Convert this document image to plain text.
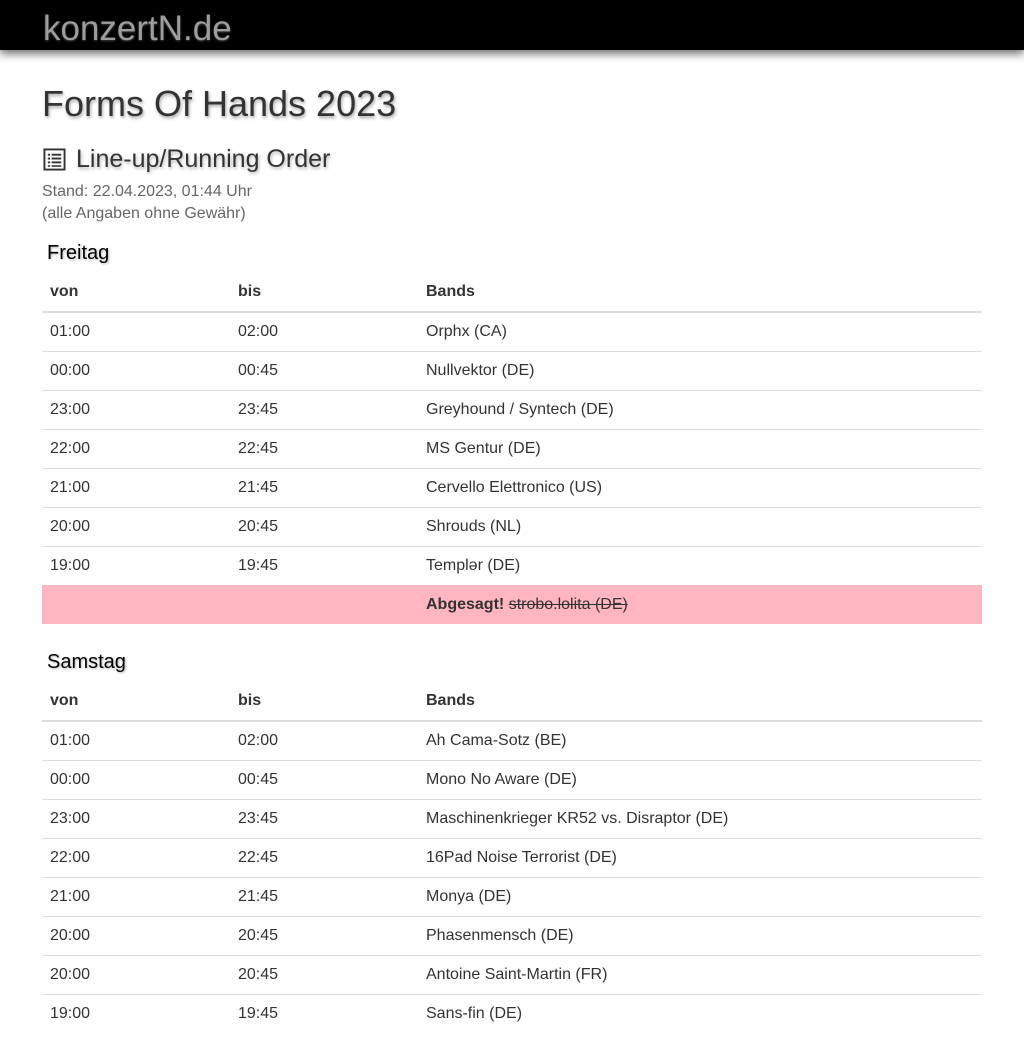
konzertN.de
Forms Of Hands 2023
Line-up/Running Order
Stand: 22.04.2023, 01:44 Uhr
(alle Angaben ohne Gewähr)
Freitag
von	bis	Bands
01:00	02:00	Orphx (CA)
00:00	00:45	Nullvektor (DE)
23:00	23:45	Greyhound / Syntech (DE)
22:00	22:45	MS Gentur (DE)
21:00	21:45	Cervello Elettronico (US)
20:00	20:45	Shrouds (NL)
19:00	19:45	Templər (DE)
		Abgesagt! strobo.lolita (DE)
Samstag
von	bis	Bands
01:00	02:00	Ah Cama-Sotz (BE)
00:00	00:45	Mono No Aware (DE)
23:00	23:45	Maschinenkrieger KR52 vs. Disraptor (DE)
22:00	22:45	16Pad Noise Terrorist (DE)
21:00	21:45	Monya (DE)
20:00	20:45	Phasenmensch (DE)
20:00	20:45	Antoine Saint-Martin (FR)
19:00	19:45	Sans-fin (DE)
